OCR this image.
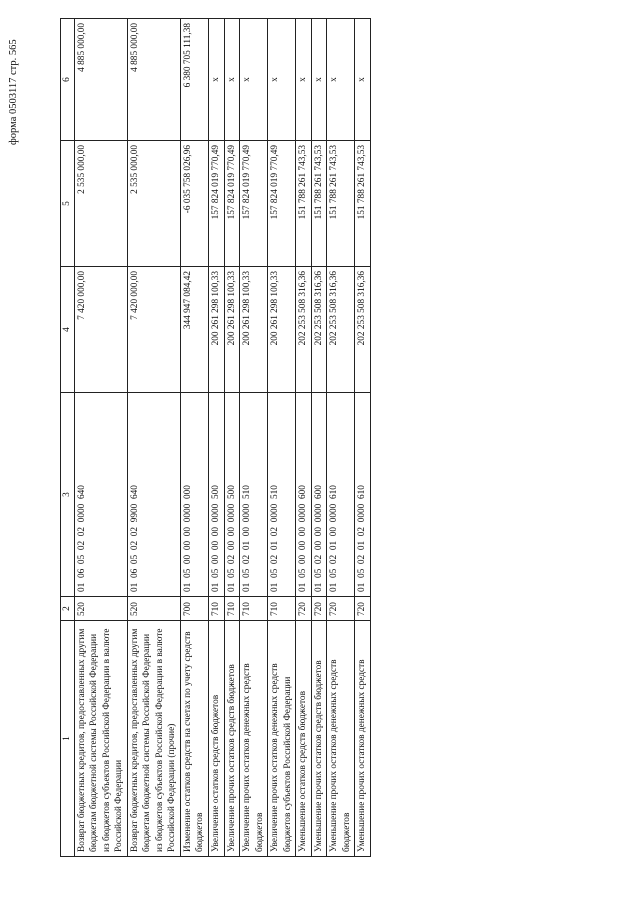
форма 0503117 стр. 565
1	2	3	4	5	6
Возврат бюджетных кредитов, предоставленных другим бюджетам бюджетной системы Российской Федерации из бюджетов субъектов Российской Федерации в валюте Российской Федерации	520	01  06  05  02  02  0000  640	7 420 000,00	2 535 000,00	4 885 000,00
Возврат бюджетных кредитов, предоставленных другим бюджетам бюджетной системы Российской Федерации из бюджетов субъектов Российской Федерации в валюте Российской Федерации (прочие)	520	01  06  05  02  02  9900  640	7 420 000,00	2 535 000,00	4 885 000,00
Изменение остатков средств на счетах по учету средств бюджетов	700	01  05  00  00  00  0000  000	344 947 084,42	-6 035 758 026,96	6 380 705 111,38
Увеличение остатков средств бюджетов	710	01  05  00  00  00  0000  500	200 261 298 100,33	157 824 019 770,49	x
Увеличение прочих остатков средств бюджетов	710	01  05  02  00  00  0000  500	200 261 298 100,33	157 824 019 770,49	x
Увеличение прочих остатков денежных средств бюджетов	710	01  05  02  01  00  0000  510	200 261 298 100,33	157 824 019 770,49	x
Увеличение прочих остатков денежных средств бюджетов субъектов Российской Федерации	710	01  05  02  01  02  0000  510	200 261 298 100,33	157 824 019 770,49	x
Уменьшение остатков средств бюджетов	720	01  05  00  00  00  0000  600	202 253 508 316,36	151 788 261 743,53	x
Уменьшение прочих остатков средств бюджетов	720	01  05  02  00  00  0000  600	202 253 508 316,36	151 788 261 743,53	x
Уменьшение прочих остатков денежных средств бюджетов	720	01  05  02  01  00  0000  610	202 253 508 316,36	151 788 261 743,53	x
Уменьшение прочих остатков денежных средств	720	01  05  02  01  02  0000  610	202 253 508 316,36	151 788 261 743,53	x
